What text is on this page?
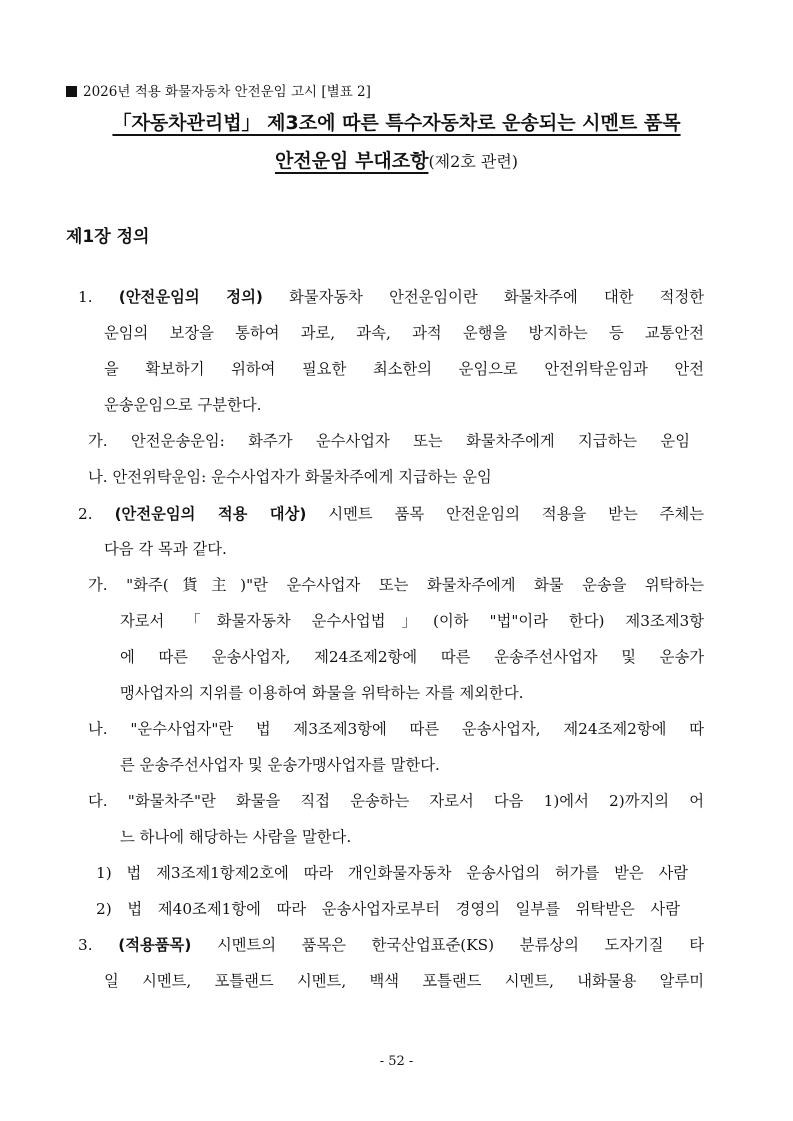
2026년 적용 화물자동차 안전운임 고시 [별표 2]
「자동차관리법」 제3조에 따른 특수자동차로 운송되는 시멘트 품목
안전운임 부대조항(제2호 관련)
제1장 정의
1. (안전운임의 정의) 화물자동차 안전운임이란 화물차주에 대한 적정한
운임의 보장을 통하여 과로, 과속, 과적 운행을 방지하는 등 교통안전
을 확보하기 위하여 필요한 최소한의 운임으로 안전위탁운임과 안전
운송운임으로 구분한다.
가. 안전운송운임: 화주가 운수사업자 또는 화물차주에게 지급하는 운임
나. 안전위탁운임: 운수사업자가 화물차주에게 지급하는 운임
2. (안전운임의 적용 대상) 시멘트 품목 안전운임의 적용을 받는 주체는
다음 각 목과 같다.
가. "화주(貨主)"란 운수사업자 또는 화물차주에게 화물 운송을 위탁하는
자로서 「화물자동차 운수사업법」(이하 "법"이라 한다) 제3조제3항
에 따른 운송사업자, 제24조제2항에 따른 운송주선사업자 및 운송가
맹사업자의 지위를 이용하여 화물을 위탁하는 자를 제외한다.
나. "운수사업자"란 법 제3조제3항에 따른 운송사업자, 제24조제2항에 따
른 운송주선사업자 및 운송가맹사업자를 말한다.
다. "화물차주"란 화물을 직접 운송하는 자로서 다음 1)에서 2)까지의 어
느 하나에 해당하는 사람을 말한다.
1) 법 제3조제1항제2호에 따라 개인화물자동차 운송사업의 허가를 받은 사람
2) 법 제40조제1항에 따라 운송사업자로부터 경영의 일부를 위탁받은 사람
3. (적용품목) 시멘트의 품목은 한국산업표준(KS) 분류상의 도자기질 타
일 시멘트, 포틀랜드 시멘트, 백색 포틀랜드 시멘트, 내화물용 알루미
- 52 -
